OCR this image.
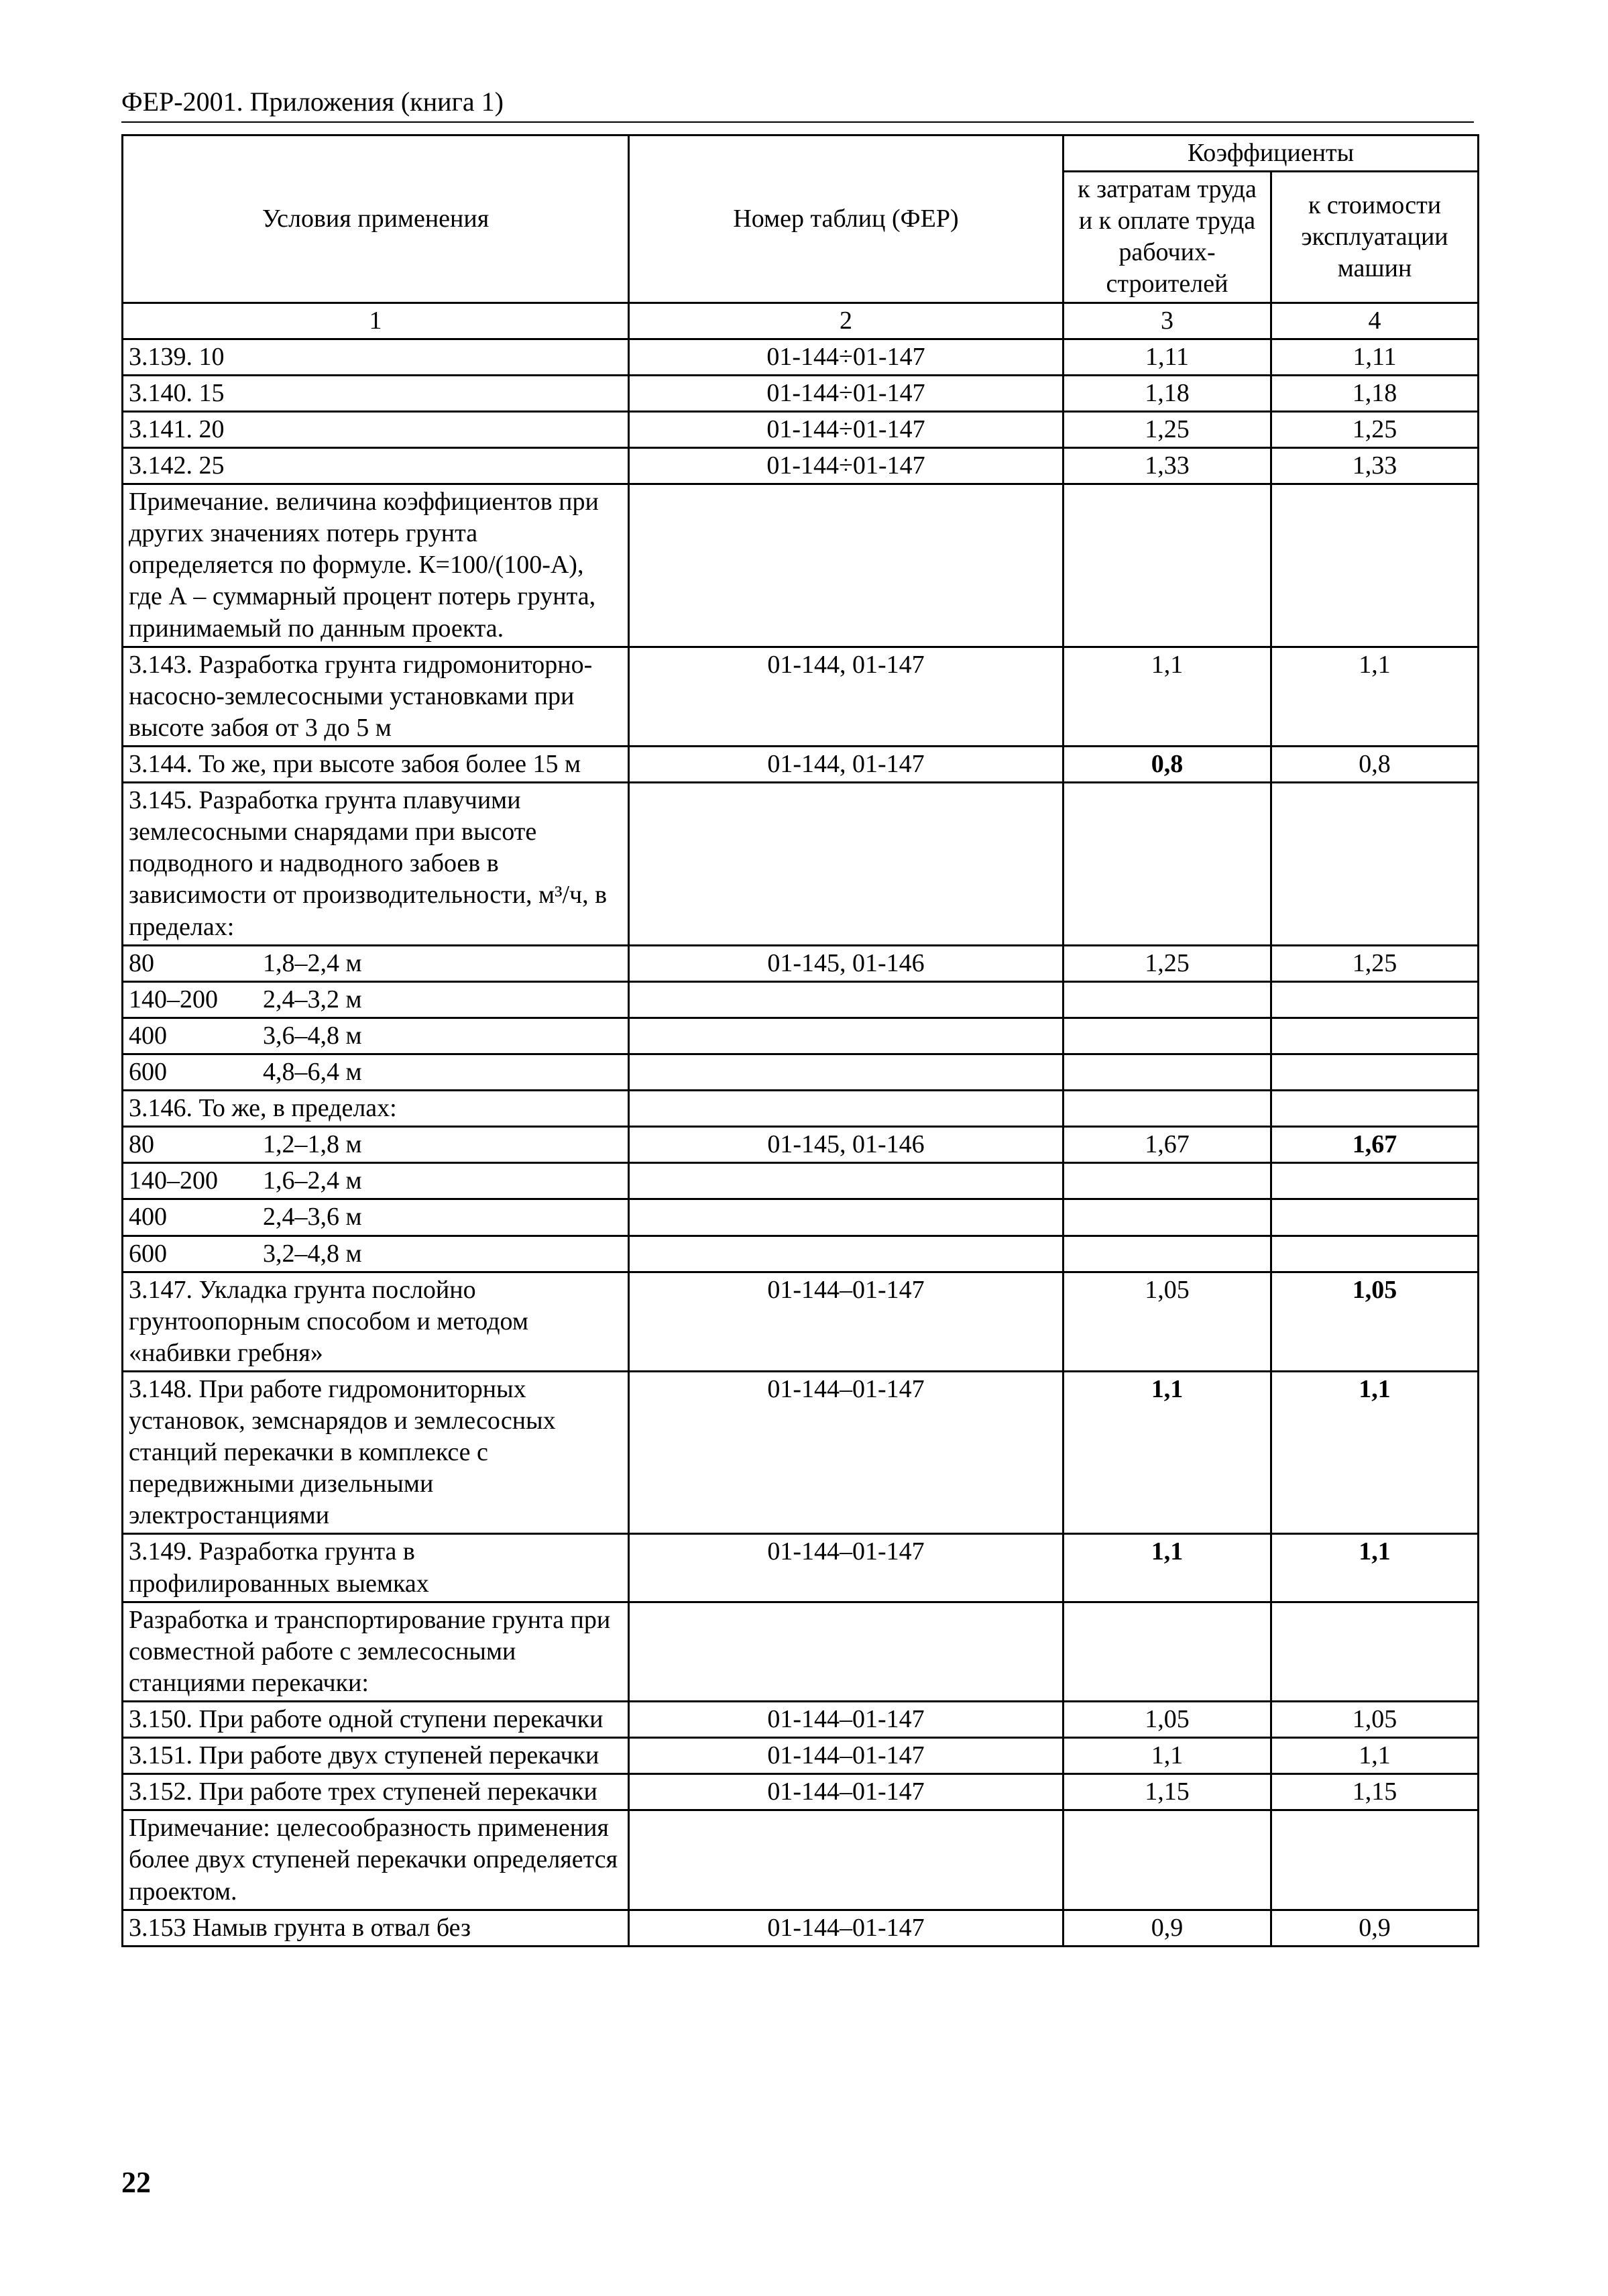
ФЕР-2001. Приложения (книга 1)
Условия применения	Номер таблиц (ФЕР)	Коэффициенты	
		к затратам труда и к оплате труда рабочих-строителей	к стоимости эксплуатации машин
1	2	3	4
3.139. 10	01-144÷01-147	1,11	1,11
3.140. 15	01-144÷01-147	1,18	1,18
3.141. 20	01-144÷01-147	1,25	1,25
3.142. 25	01-144÷01-147	1,33	1,33
Примечание. величина коэффициентов при других значениях потерь грунта определяется по формуле. К=100/(100-А), где А – суммарный процент потерь грунта, принимаемый по данным проекта.			
3.143. Разработка грунта гидромониторно-насосно-землесосными установками при высоте забоя от 3 до 5 м	01-144, 01-147	1,1	1,1
3.144. То же, при высоте забоя более 15 м	01-144, 01-147	0,8	0,8
3.145. Разработка грунта плавучими землесосными снарядами при высоте подводного и надводного забоев в зависимости от производительности, м³/ч, в пределах:			

80 1,8–2,4 м	01-145, 01-146	1,25	1,25

140–200 2,4–3,2 м			

400 3,6–4,8 м			

600 4,8–6,4 м			

3.146. То же, в пределах:			

80 1,2–1,8 м	01-145, 01-146	1,67	1,67

140–200 1,6–2,4 м			

400 2,4–3,6 м			

600 3,2–4,8 м			

3.147. Укладка грунта послойно грунтоопорным способом и методом «набивки гребня»	01-144–01-147	1,05	1,05
3.148. При работе гидромониторных установок, земснарядов и землесосных станций перекачки в комплексе с передвижными дизельными электростанциями	01-144–01-147	1,1	1,1
3.149. Разработка грунта в профилированных выемках	01-144–01-147	1,1	1,1
Разработка и транспортирование грунта при совместной работе с землесосными станциями перекачки:			
3.150. При работе одной ступени перекачки	01-144–01-147	1,05	1,05
3.151. При работе двух ступеней перекачки	01-144–01-147	1,1	1,1
3.152. При работе трех ступеней перекачки	01-144–01-147	1,15	1,15
Примечание: целесообразность применения более двух ступеней перекачки определяется проектом.			
3.153 Намыв грунта в отвал без	01-144–01-147	0,9	0,9
22
